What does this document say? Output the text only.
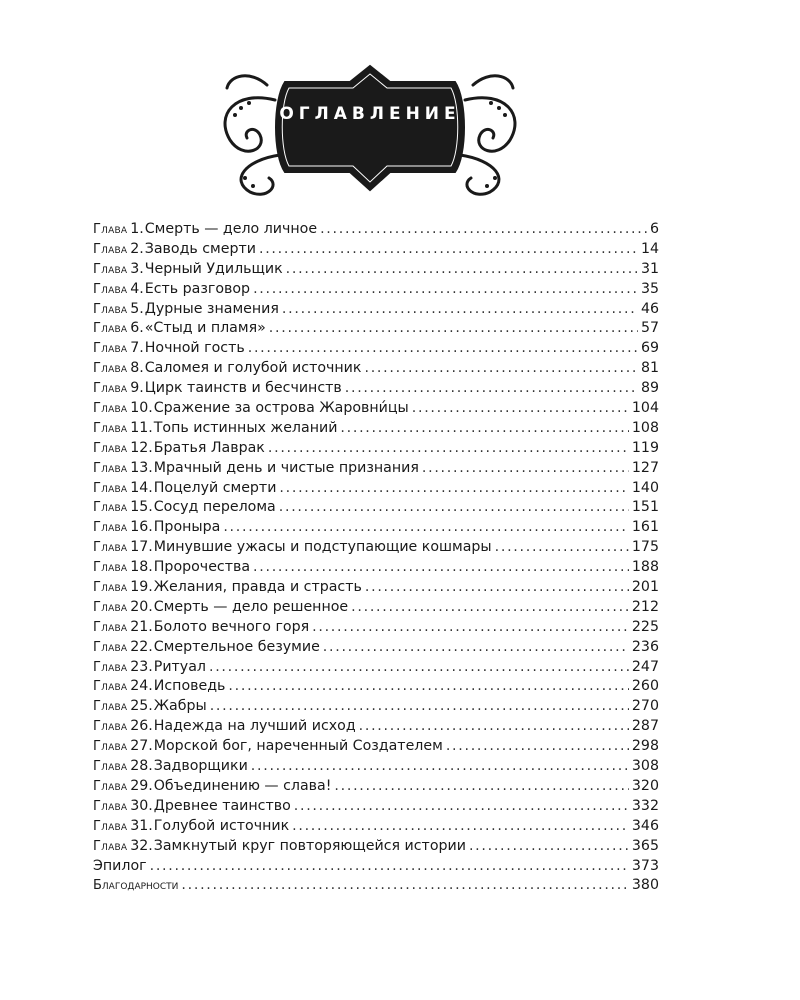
ОГЛАВЛЕНИЕ
Глава 1. Смерть — дело личное . . .	6
Глава 2. Заводь смерти . . .	14
Глава 3. Черный Удильщик . . .	31
Глава 4. Есть разговор . . .	35
Глава 5. Дурные знамения . . .	46
Глава 6. «Стыд и пламя» . . .	57
Глава 7. Ночной гость . . .	69
Глава 8. Саломея и голубой источник . . .	81
Глава 9. Цирк таинств и бесчинств . . .	89
Глава 10. Сражение за острова Жаровни́цы . . .	104
Глава 11. Топь истинных желаний . . .	108
Глава 12. Братья Лаврак . . .	119
Глава 13. Мрачный день и чистые признания . . .	127
Глава 14. Поцелуй смерти . . .	140
Глава 15. Сосуд перелома . . .	151
Глава 16. Проныра . . .	161
Глава 17. Минувшие ужасы и подступающие кошмары . . .	175
Глава 18. Пророчества . . .	188
Глава 19. Желания, правда и страсть . . .	201
Глава 20. Смерть — дело решенное . . .	212
Глава 21. Болото вечного горя . . .	225
Глава 22. Смертельное безумие . . .	236
Глава 23. Ритуал . . .	247
Глава 24. Исповедь . . .	260
Глава 25. Жабры . . .	270
Глава 26. Надежда на лучший исход . . .	287
Глава 27. Морской бог, нареченный Создателем . . .	298
Глава 28. Задворщики . . .	308
Глава 29. Объединению — слава! . . .	320
Глава 30. Древнее таинство . . .	332
Глава 31. Голубой источник . . .	346
Глава 32. Замкнутый круг повторяющейся истории . . .	365
Эпилог . . .	373
Благодарности . . .	380
